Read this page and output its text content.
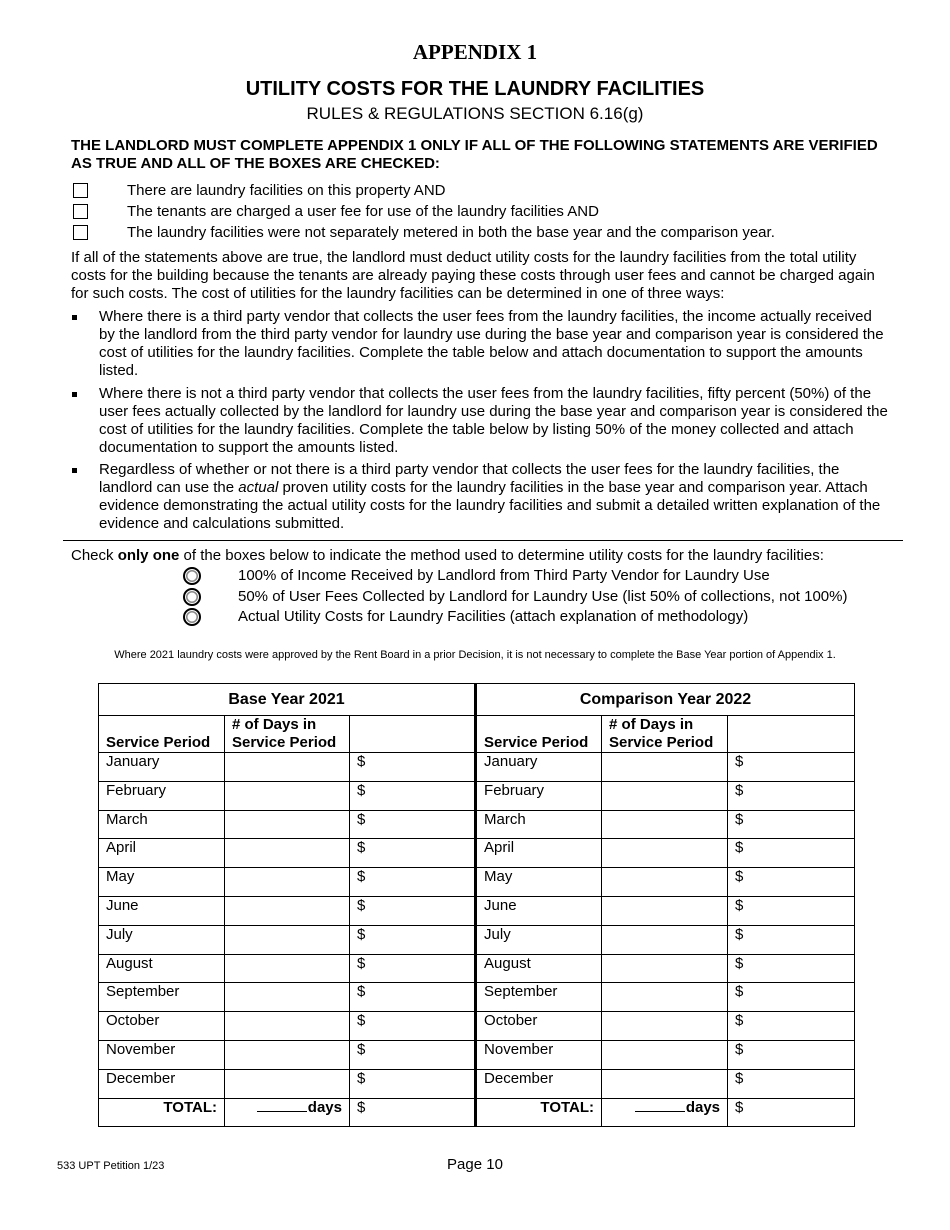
APPENDIX 1
UTILITY COSTS FOR THE LAUNDRY FACILITIES
RULES & REGULATIONS SECTION 6.16(g)
THE LANDLORD MUST COMPLETE APPENDIX 1 ONLY IF ALL OF THE FOLLOWING STATEMENTS ARE VERIFIED AS TRUE AND ALL OF THE BOXES ARE CHECKED:
There are laundry facilities on this property AND
The tenants are charged a user fee for use of the laundry facilities AND
The laundry facilities were not separately metered in both the base year and the comparison year.
If all of the statements above are true, the landlord must deduct utility costs for the laundry facilities from the total utility costs for the building because the tenants are already paying these costs through user fees and cannot be charged again for such costs. The cost of utilities for the laundry facilities can be determined in one of three ways:
Where there is a third party vendor that collects the user fees from the laundry facilities, the income actually received by the landlord from the third party vendor for laundry use during the base year and comparison year is considered the cost of utilities for the laundry facilities. Complete the table below and attach documentation to support the amounts listed.
Where there is not a third party vendor that collects the user fees from the laundry facilities, fifty percent (50%) of the user fees actually collected by the landlord for laundry use during the base year and comparison year is considered the cost of utilities for the laundry facilities. Complete the table below by listing 50% of the money collected and attach documentation to support the amounts listed.
Regardless of whether or not there is a third party vendor that collects the user fees for the laundry facilities, the landlord can use the actual proven utility costs for the laundry facilities in the base year and comparison year. Attach evidence demonstrating the actual utility costs for the laundry facilities and submit a detailed written explanation of the evidence and calculations submitted.
Check only one of the boxes below to indicate the method used to determine utility costs for the laundry facilities:
100% of Income Received by Landlord from Third Party Vendor for Laundry Use
50% of User Fees Collected by Landlord for Laundry Use (list 50% of collections, not 100%)
Actual Utility Costs for Laundry Facilities (attach explanation of methodology)
Where 2021 laundry costs were approved by the Rent Board in a prior Decision, it is not necessary to complete the Base Year portion of Appendix 1.
Base Year 2021			Comparison Year 2022		
Service Period	# of Days in Service Period		Service Period	# of Days in Service Period	
January		$	January		$
February		$	February		$
March		$	March		$
April		$	April		$
May		$	May		$
June		$	June		$
July		$	July		$
August		$	August		$
September		$	September		$
October		$	October		$
November		$	November		$
December		$	December		$
TOTAL:	days	$	TOTAL:	days	$
533 UPT Petition 1/23	Page 10
